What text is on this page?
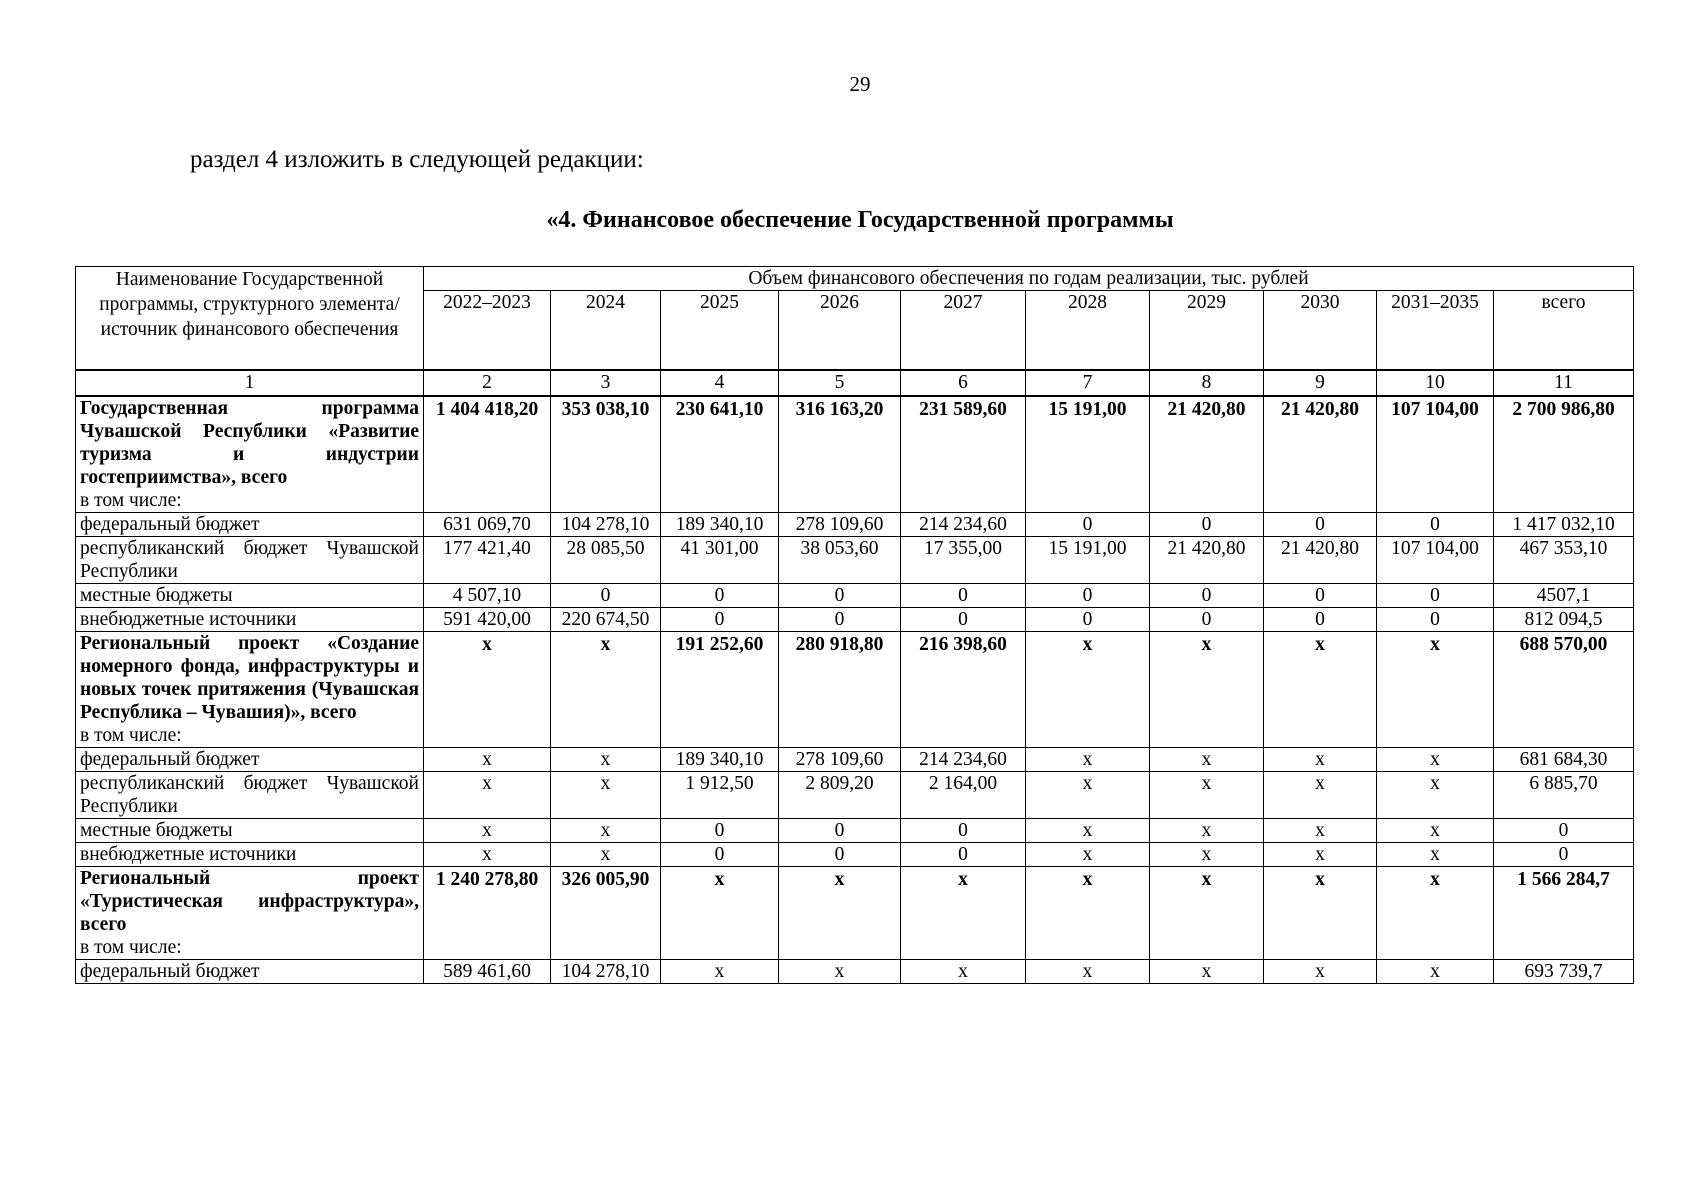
29
раздел 4 изложить в следующей редакции:
«4. Финансовое обеспечение Государственной программы
Наименование Государственной программы, структурного элемента/источник финансового обеспечения	Объем финансового обеспечения по годам реализации, тыс. рублей									
	2022–2023	2024	2025	2026	2027	2028	2029	2030	2031–2035	всего
1	2	3	4	5	6	7	8	9	10	11
Государственная программа Чувашской Республики «Развитие туризма и индустрии гостеприимства», всего
в том числе:	1 404 418,20	353 038,10	230 641,10	316 163,20	231 589,60	15 191,00	21 420,80	21 420,80	107 104,00	2 700 986,80
федеральный бюджет	631 069,70	104 278,10	189 340,10	278 109,60	214 234,60	0	0	0	0	1 417 032,10
республиканский бюджет Чувашской Республики	177 421,40	28 085,50	41 301,00	38 053,60	17 355,00	15 191,00	21 420,80	21 420,80	107 104,00	467 353,10
местные бюджеты	4 507,10	0	0	0	0	0	0	0	0	4507,1
внебюджетные источники	591 420,00	220 674,50	0	0	0	0	0	0	0	812 094,5
Региональный проект «Создание номерного фонда, инфраструктуры и новых точек притяжения (Чувашская Республика – Чувашия)», всего
в том числе:	x	x	191 252,60	280 918,80	216 398,60	x	x	x	x	688 570,00
федеральный бюджет	x	x	189 340,10	278 109,60	214 234,60	x	x	x	x	681 684,30
республиканский бюджет Чувашской Республики	x	x	1 912,50	2 809,20	2 164,00	x	x	x	x	6 885,70
местные бюджеты	x	x	0	0	0	x	x	x	x	0
внебюджетные источники	x	x	0	0	0	x	x	x	x	0
Региональный проект «Туристическая инфраструктура», всего
в том числе:	1 240 278,80	326 005,90	x	x	x	x	x	x	x	1 566 284,7
федеральный бюджет	589 461,60	104 278,10	x	x	x	x	x	x	x	693 739,7
